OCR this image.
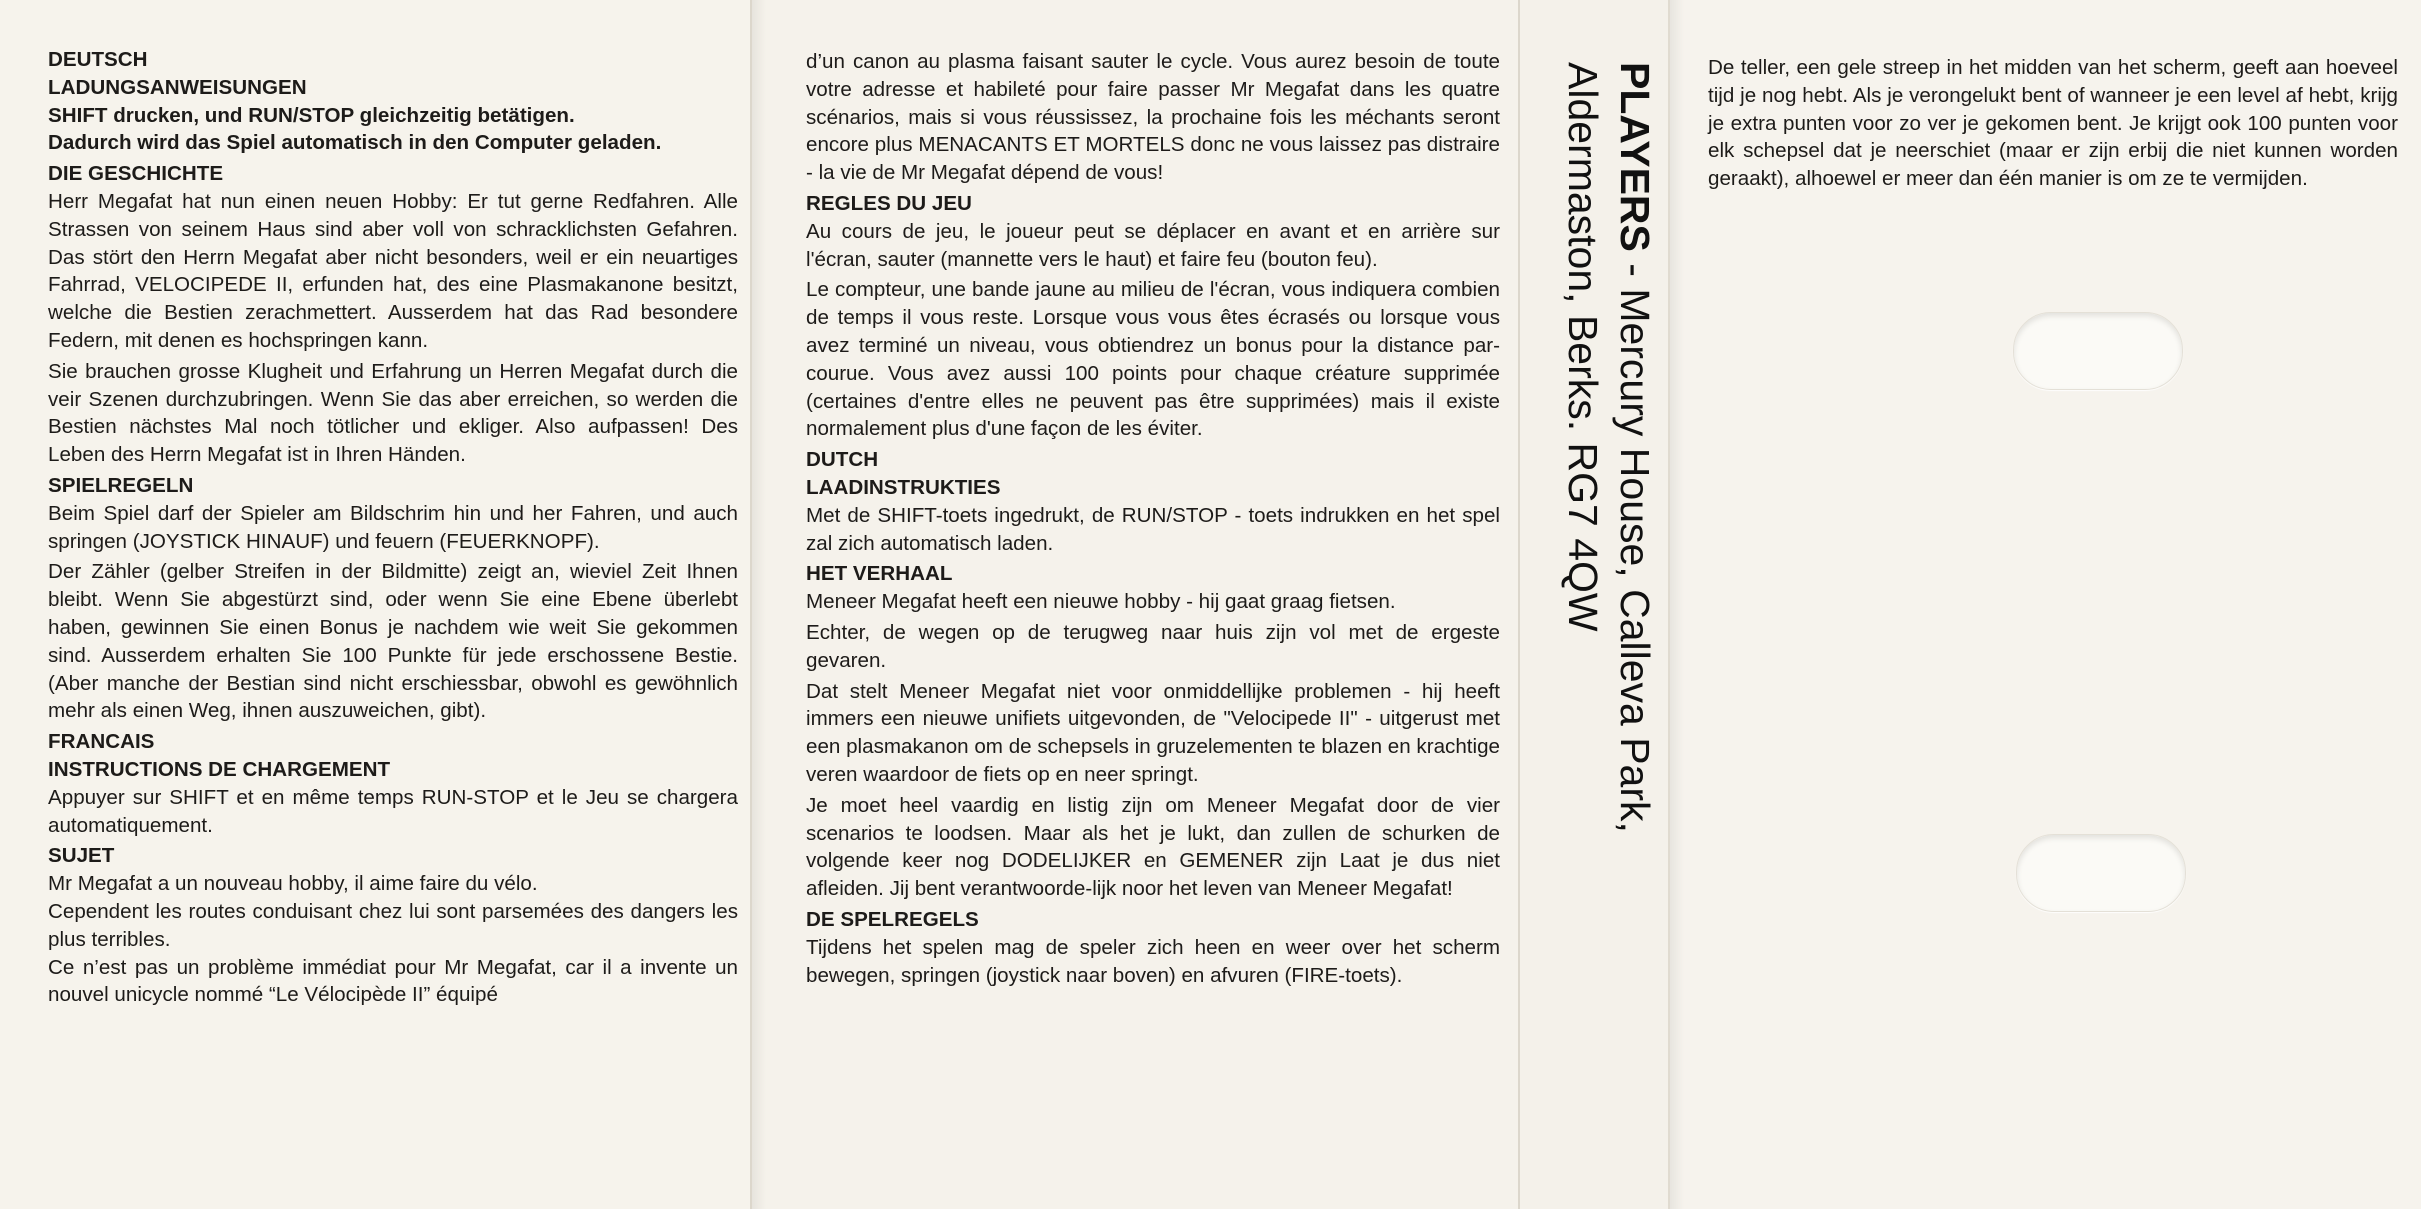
DEUTSCH
LADUNGSANWEISUNGEN

SHIFT drucken, und RUN/STOP gleichzeitig betätigen.

Dadurch wird das Spiel automatisch in den Computer geladen.

DIE GESCHICHTE

Herr Megafat hat nun einen neuen Hobby: Er tut gerne Redfahren. Alle Strassen von seinem Haus sind aber voll von schracklichsten Gefahren. Das stört den Herrn Megafat aber nicht besonders, weil er ein neuartiges Fahrrad, VELOCIPEDE II, erfunden hat, des eine Plasmakanone besitzt, welche die Bestien zerachmettert. Ausserdem hat das Rad besondere Federn, mit denen es hochspringen kann.

Sie brauchen grosse Klugheit und Erfahrung un Herren Megafat durch die veir Szenen durchzubringen. Wenn Sie das aber erreichen, so werden die Bestien nächstes Mal noch tötlicher und ekliger. Also aufpassen! Des Leben des Herrn Megafat ist in Ihren Händen.

SPIELREGELN

Beim Spiel darf der Spieler am Bildschrim hin und her Fahren, und auch springen (JOYSTICK HINAUF) und feuern (FEUERKNOPF).

Der Zähler (gelber Streifen in der Bildmitte) zeigt an, wieviel Zeit Ihnen bleibt. Wenn Sie abgestürzt sind, oder wenn Sie eine Ebene überlebt haben, gewinnen Sie einen Bonus je nachdem wie weit Sie gekommen sind. Ausserdem erhalten Sie 100 Punkte für jede erschossene Bestie. (Aber manche der Bestian sind nicht erschiessbar, obwohl es gewöhnlich mehr als einen Weg, ihnen auszuweichen, gibt).

FRANCAIS
INSTRUCTIONS DE CHARGEMENT

Appuyer sur SHIFT et en même temps RUN-STOP et le Jeu se chargera automatiquement.

SUJET

Mr Megafat a un nouveau hobby, il aime faire du vélo.

Cependent les routes conduisant chez lui sont parsemées des dangers les plus terribles.

Ce n’est pas un problème immédiat pour Mr Megafat, car il a invente un nouvel unicycle nommé “Le Vélocipède II” équipé

d’un canon au plasma faisant sauter le cycle. Vous aurez besoin de toute votre adresse et habileté pour faire passer Mr Megafat dans les quatre scénarios, mais si vous réussissez, la prochaine fois les méchants seront encore plus MENACANTS ET MORTELS donc ne vous laissez pas distraire - la vie de Mr Megafat dépend de vous!

REGLES DU JEU

Au cours de jeu, le joueur peut se déplacer en avant et en arrière sur l'écran, sauter (mannette vers le haut) et faire feu (bouton feu).

Le compteur, une bande jaune au milieu de l'écran, vous indiquera combien de temps il vous reste. Lorsque vous vous êtes écrasés ou lorsque vous avez terminé un niveau, vous obtiendrez un bonus pour la distance par-courue. Vous avez aussi 100 points pour chaque créature supprimée (certaines d'entre elles ne peuvent pas être supprimées) mais il existe normalement plus d'une façon de les éviter.

DUTCH
LAADINSTRUKTIES

Met de SHIFT-toets ingedrukt, de RUN/STOP - toets indrukken en het spel zal zich automatisch laden.

HET VERHAAL

Meneer Megafat heeft een nieuwe hobby - hij gaat graag fietsen.

Echter, de wegen op de terugweg naar huis zijn vol met de ergeste gevaren.

Dat stelt Meneer Megafat niet voor onmiddellijke problemen - hij heeft immers een nieuwe unifiets uitgevonden, de "Velocipede II" - uitgerust met een plasmakanon om de schepsels in gruzelementen te blazen en krachtige veren waardoor de fiets op en neer springt.

Je moet heel vaardig en listig zijn om Meneer Megafat door de vier scenarios te loodsen. Maar als het je lukt, dan zullen de schurken de volgende keer nog DODELIJKER en GEMENER zijn Laat je dus niet afleiden. Jij bent verantwoorde-lijk noor het leven van Meneer Megafat!

DE SPELREGELS

Tijdens het spelen mag de speler zich heen en weer over het scherm bewegen, springen (joystick naar boven) en afvuren (FIRE-toets).

PLAYERS - Mercury House, Calleva Park,
Aldermaston, Berks. RG7 4QW	De teller, een gele streep in het midden van het scherm, geeft aan hoeveel tijd je nog hebt. Als je verongelukt bent of wanneer je een level af hebt, krijg je extra punten voor zo ver je gekomen bent. Je krijgt ook 100 punten voor elk schepsel dat je neerschiet (maar er zijn erbij die niet kunnen worden geraakt), alhoewel er meer dan één manier is om ze te vermijden.
